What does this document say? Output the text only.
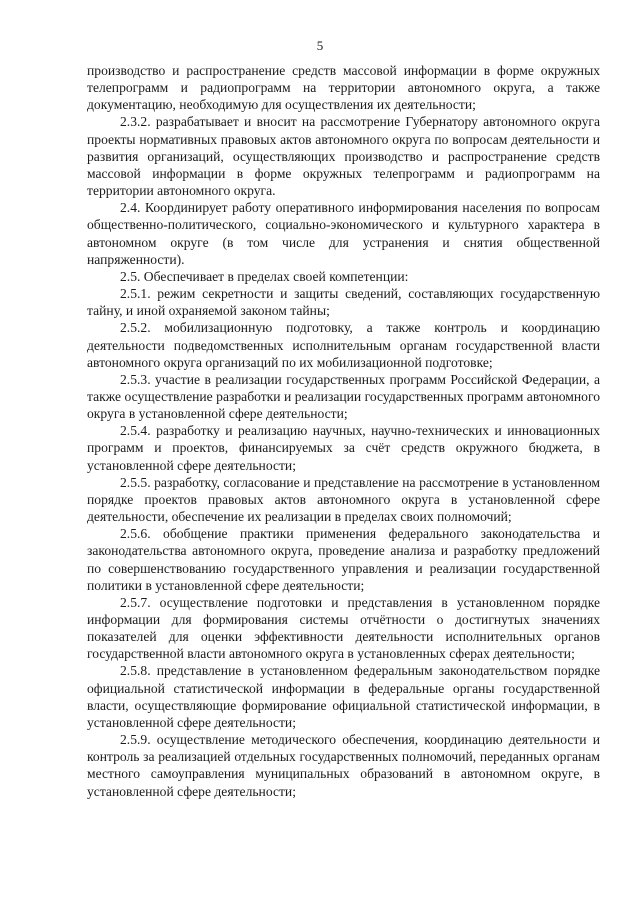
5

производство и распространение средств массовой информации в форме окружных телепрограмм и радиопрограмм на территории автономного округа, а также документацию, необходимую для осуществления их деятельности;

2.3.2. разрабатывает и вносит на рассмотрение Губернатору автономного округа проекты нормативных правовых актов автономного округа по вопросам деятельности и развития организаций, осуществляющих производство и распространение средств массовой информации в форме окружных телепрограмм и радиопрограмм на территории автономного округа.

2.4. Координирует работу оперативного информирования населения по вопросам общественно-политического, социально-экономического и культурного характера в автономном округе (в том числе для устранения и снятия общественной напряженности).

2.5. Обеспечивает в пределах своей компетенции:

2.5.1. режим секретности и защиты сведений, составляющих государственную тайну, и иной охраняемой законом тайны;

2.5.2. мобилизационную подготовку, а также контроль и координацию деятельности подведомственных исполнительным органам государственной власти автономного округа организаций по их мобилизационной подготовке;

2.5.3. участие в реализации государственных программ Российской Федерации, а также осуществление разработки и реализации государственных программ автономного округа в установленной сфере деятельности;

2.5.4. разработку и реализацию научных, научно-технических и инновационных программ и проектов, финансируемых за счёт средств окружного бюджета, в установленной сфере деятельности;

2.5.5. разработку, согласование и представление на рассмотрение в установленном порядке проектов правовых актов автономного округа в установленной сфере деятельности, обеспечение их реализации в пределах своих полномочий;

2.5.6. обобщение практики применения федерального законодательства и законодательства автономного округа, проведение анализа и разработку предложений по совершенствованию государственного управления и реализации государственной политики в установленной сфере деятельности;

2.5.7. осуществление подготовки и представления в установленном порядке информации для формирования системы отчётности о достигнутых значениях показателей для оценки эффективности деятельности исполнительных органов государственной власти автономного округа в установленных сферах деятельности;

2.5.8. представление в установленном федеральным законодательством порядке официальной статистической информации в федеральные органы государственной власти, осуществляющие формирование официальной статистической информации, в установленной сфере деятельности;

2.5.9. осуществление методического обеспечения, координацию деятельности и контроль за реализацией отдельных государственных полномочий, переданных органам местного самоуправления муниципальных образований в автономном округе, в установленной сфере деятельности;
